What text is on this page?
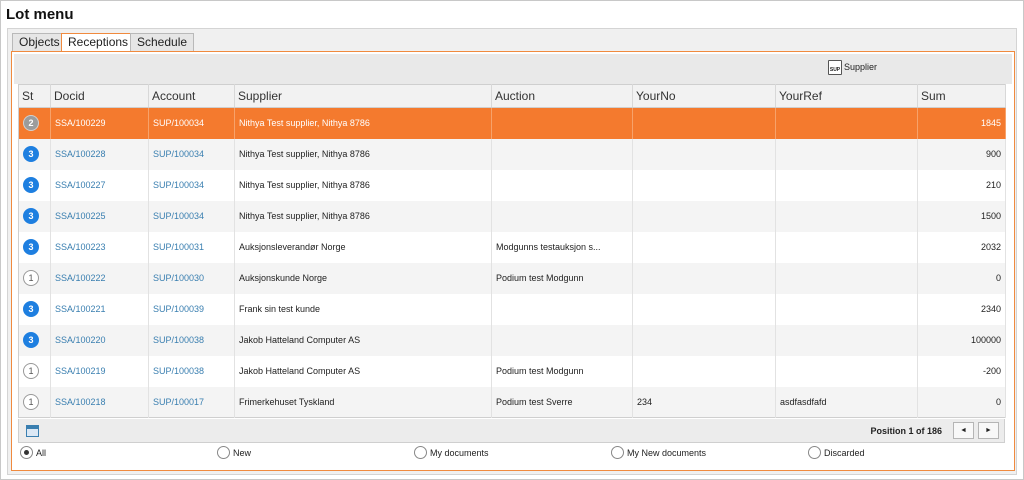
Lot menu
Objects Receptions Schedule
SUP Supplier
St	Docid	Account	Supplier	Auction	YourNo	YourRef	Sum
2	SSA/100229	SUP/100034	Nithya Test supplier, Nithya 8786				1845
3	SSA/100228	SUP/100034	Nithya Test supplier, Nithya 8786				900
3	SSA/100227	SUP/100034	Nithya Test supplier, Nithya 8786				210
3	SSA/100225	SUP/100034	Nithya Test supplier, Nithya 8786				1500
3	SSA/100223	SUP/100031	Auksjonsleverandør Norge	Modgunns testauksjon s...			2032
1	SSA/100222	SUP/100030	Auksjonskunde Norge	Podium test Modgunn			0
3	SSA/100221	SUP/100039	Frank sin test kunde				2340
3	SSA/100220	SUP/100038	Jakob Hatteland Computer AS				100000
1	SSA/100219	SUP/100038	Jakob Hatteland Computer AS	Podium test Modgunn			-200
1	SSA/100218	SUP/100017	Frimerkehuset Tyskland	Podium test Sverre	234	asdfasdfafd	0
Position 1 of 186	◄	►
All	New	My documents	My New documents	Discarded
